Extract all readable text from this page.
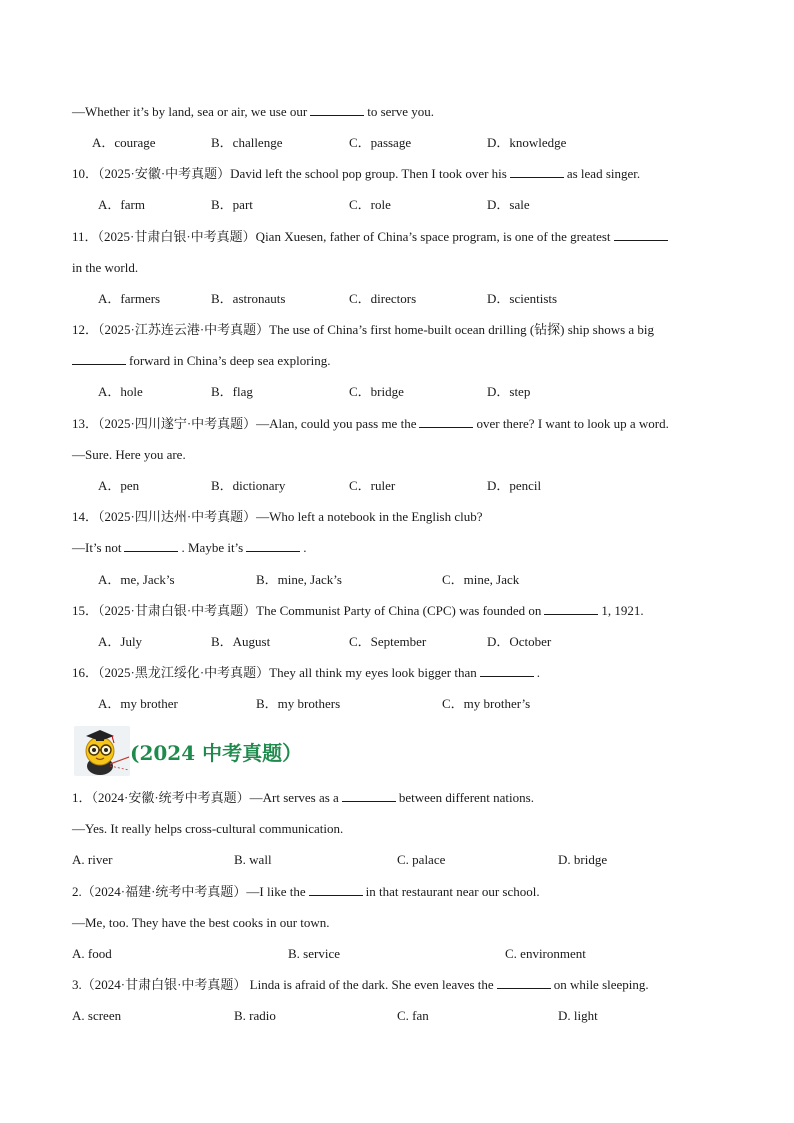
—Whether it’s by land, sea or air, we use our	to serve you.
A．courage	B．challenge	C．passage	D．knowledge
10．（2025·安徽·中考真题）David left the school pop group. Then I took over his	as lead singer.
A．farm	B．part	C．role	D．sale
11．（2025·甘肃白银·中考真题）Qian Xuesen, father of China’s space program, is one of the greatest
in the world.
A．farmers	B．astronauts	C．directors	D．scientists
12．（2025·江苏连云港·中考真题）The use of China’s first home-built ocean drilling (钻探) ship shows a big
forward in China’s deep sea exploring.
A．hole	B．flag	C．bridge	D．step
13．（2025·四川遂宁·中考真题）—Alan, could you pass me the	over there? I want to look up a word.
—Sure. Here you are.
A．pen	B．dictionary	C．ruler	D．pencil
14．（2025·四川达州·中考真题）—Who left a notebook in the English club?
—It’s not	. Maybe it’s	.
A．me, Jack’s	B．mine, Jack’s	C．mine, Jack
15．（2025·甘肃白银·中考真题）The Communist Party of China (CPC) was founded on	1, 1921.
A．July	B．August	C．September	D．October
16．（2025·黑龙江绥化·中考真题）They all think my eyes look bigger than	.
A．my brother	B．my brothers	C．my brother’s
(2024 中考真题）
1．（2024·安徽·统考中考真题）—Art serves as a	between different nations.
—Yes. It really helps cross-cultural communication.
A. river	B. wall	C. palace	D. bridge
2.（2024·福建·统考中考真题）—I like the	in that restaurant near our school.
—Me, too. They have the best cooks in our town.
A. food	B. service	C. environment
3.（2024·甘肃白银·中考真题） Linda is afraid of the dark. She even leaves the	on while sleeping.
A. screen	B. radio	C. fan	D. light
